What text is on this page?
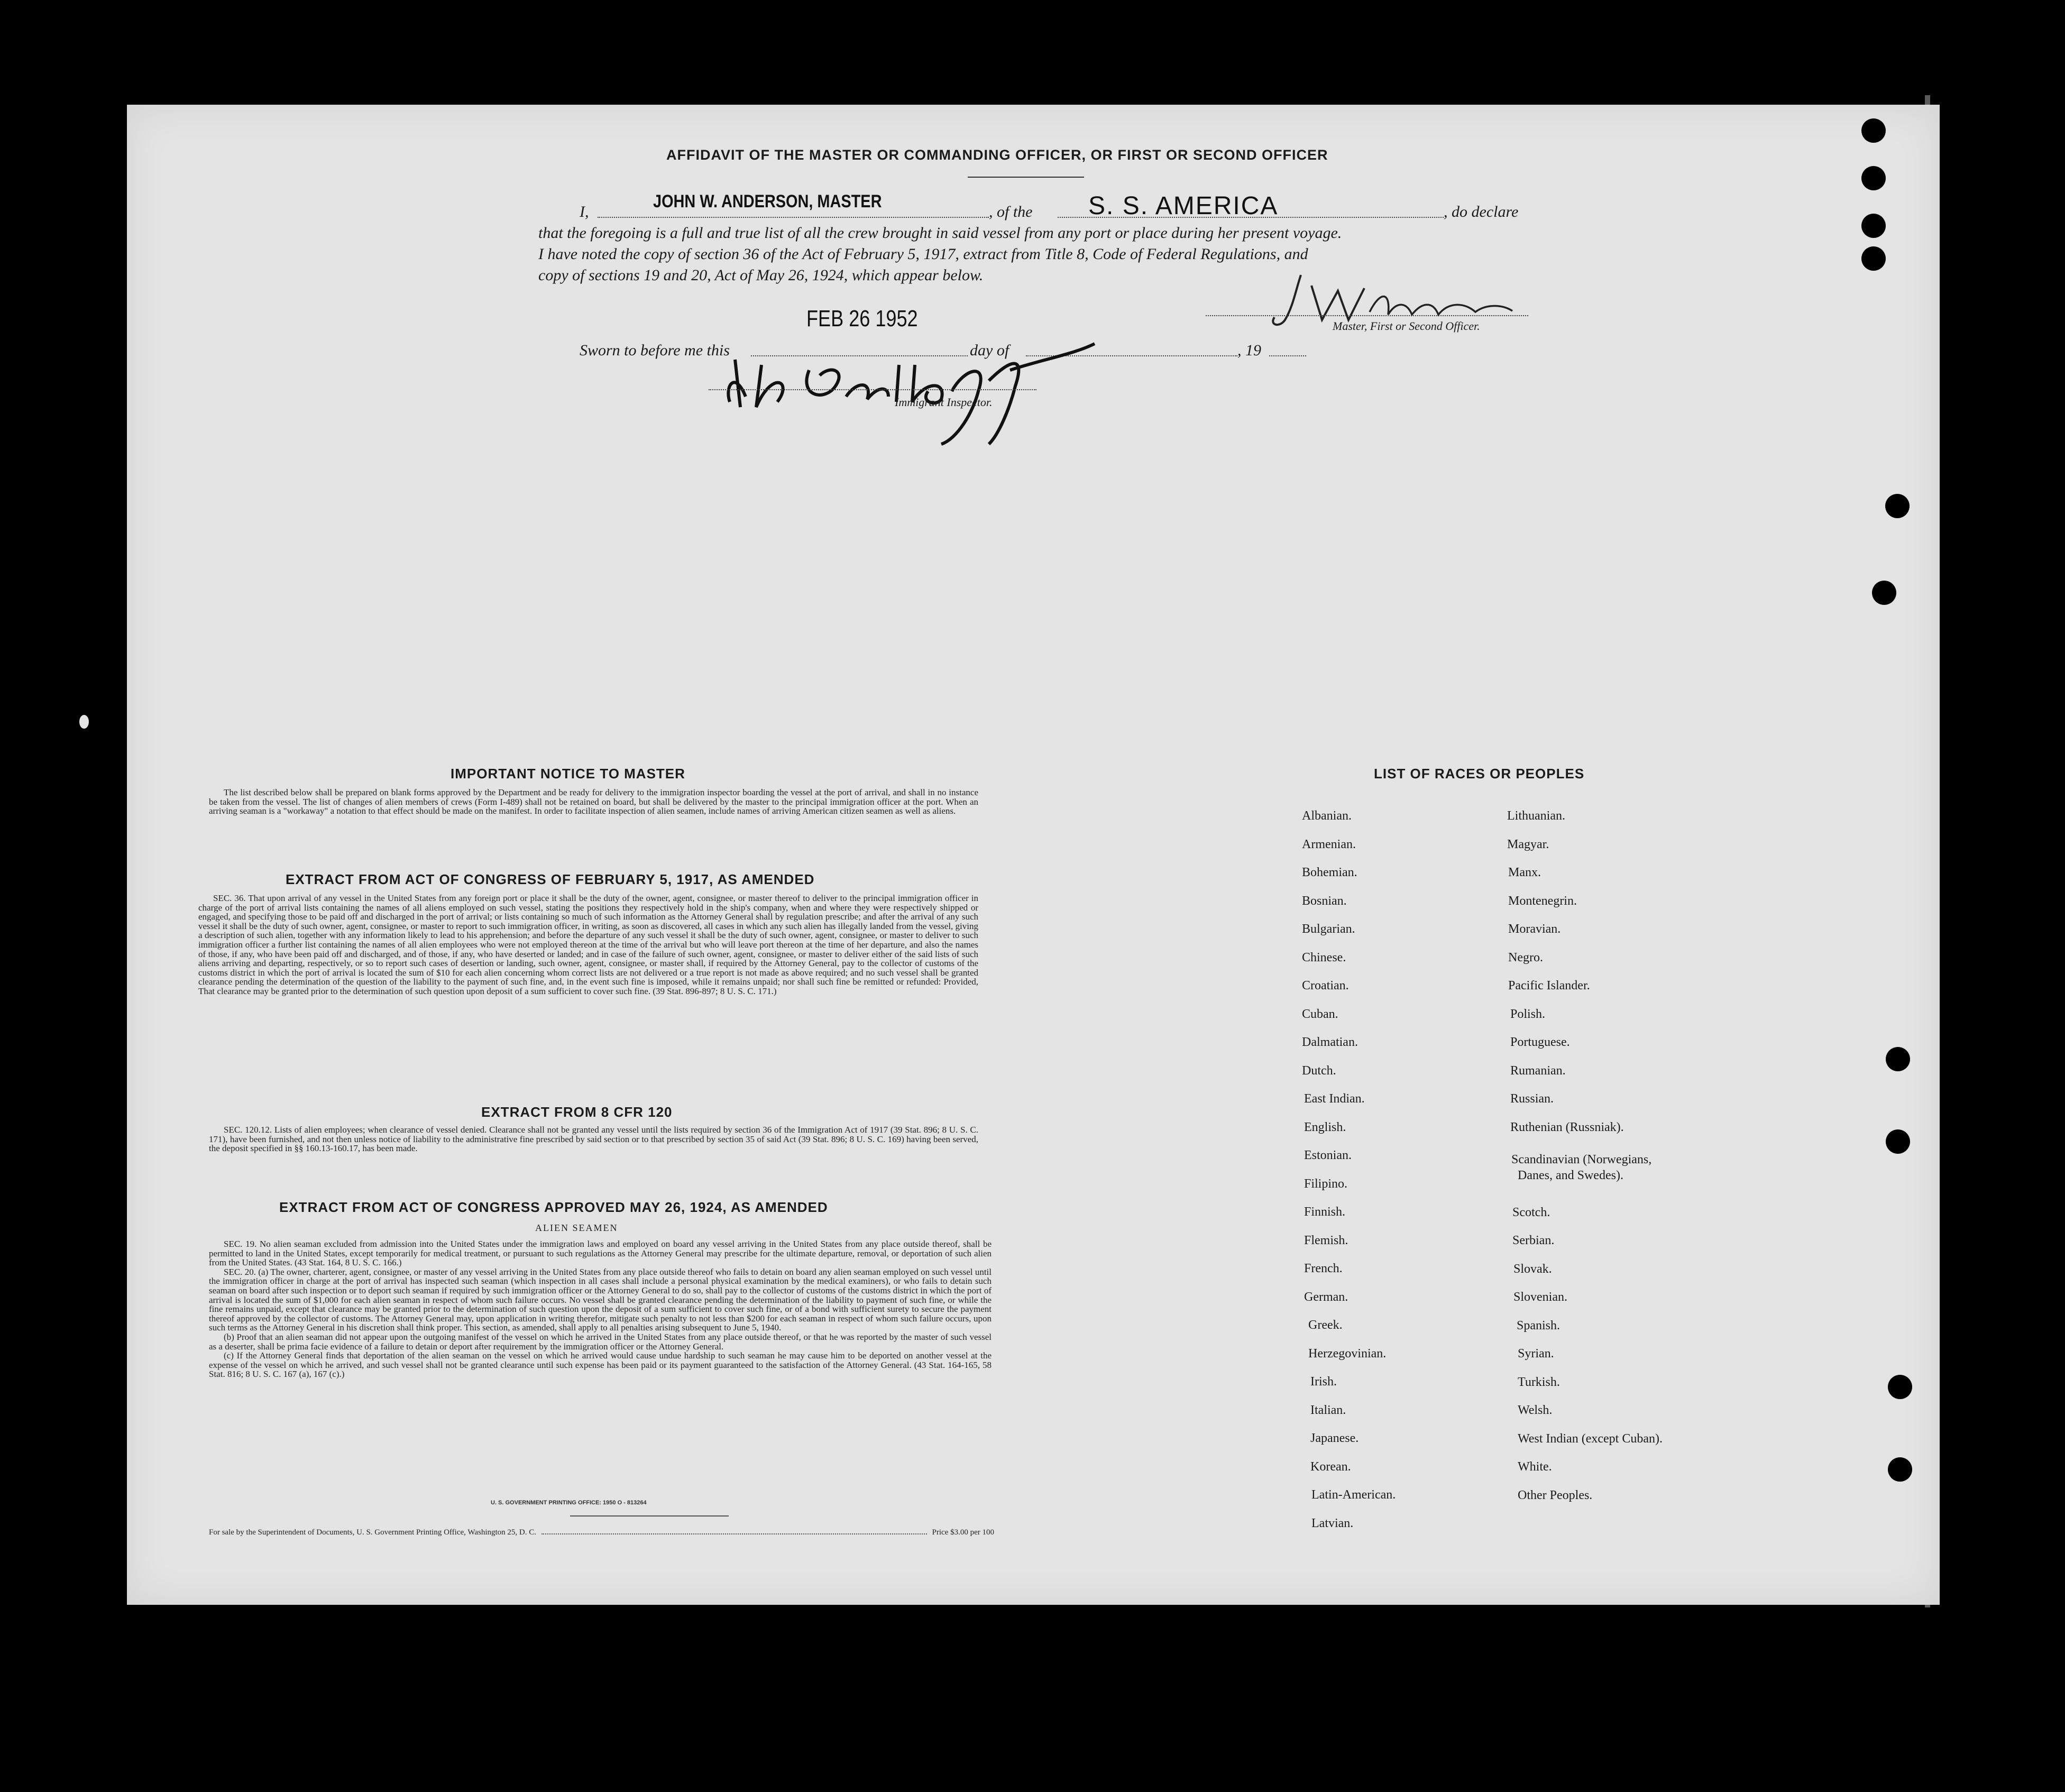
AFFIDAVIT OF THE MASTER OR COMMANDING OFFICER, OR FIRST OR SECOND OFFICER
I,
JOHN W. ANDERSON, MASTER
, of the S. S. AMERICA	, do declare
that the foregoing is a full and true list of all the crew brought in said vessel from any port or place during her present voyage.
I have noted the copy of section 36 of the Act of February 5, 1917, extract from Title 8, Code of Federal Regulations, and
copy of sections 19 and 20, Act of May 26, 1924, which appear below.
FEB 26 1952	Master, First or Second Officer.
Sworn to before me this	day of	, 19
Immigrant Inspector.
IMPORTANT NOTICE TO MASTER

The list described below shall be prepared on blank forms approved by the Department and be ready for delivery to the immigration inspector boarding the vessel at the port of arrival, and shall in no instance be taken from the vessel. The list of changes of alien members of crews (Form I-489) shall not be retained on board, but shall be delivered by the master to the principal immigration officer at the port. When an arriving seaman is a "workaway" a notation to that effect should be made on the manifest. In order to facilitate inspection of alien seamen, include names of arriving American citizen seamen as well as aliens.

EXTRACT FROM ACT OF CONGRESS OF FEBRUARY 5, 1917, AS AMENDED

SEC. 36. That upon arrival of any vessel in the United States from any foreign port or place it shall be the duty of the owner, agent, consignee, or master thereof to deliver to the principal immigration officer in charge of the port of arrival lists containing the names of all aliens employed on such vessel, stating the positions they respectively hold in the ship's company, when and where they were respectively shipped or engaged, and specifying those to be paid off and discharged in the port of arrival; or lists containing so much of such information as the Attorney General shall by regulation prescribe; and after the arrival of any such vessel it shall be the duty of such owner, agent, consignee, or master to report to such immigration officer, in writing, as soon as discovered, all cases in which any such alien has illegally landed from the vessel, giving a description of such alien, together with any information likely to lead to his apprehension; and before the departure of any such vessel it shall be the duty of such owner, agent, consignee, or master to deliver to such immigration officer a further list containing the names of all alien employees who were not employed thereon at the time of the arrival but who will leave port thereon at the time of her departure, and also the names of those, if any, who have been paid off and discharged, and of those, if any, who have deserted or landed; and in case of the failure of such owner, agent, consignee, or master to deliver either of the said lists of such aliens arriving and departing, respectively, or so to report such cases of desertion or landing, such owner, agent, consignee, or master shall, if required by the Attorney General, pay to the collector of customs of the customs district in which the port of arrival is located the sum of $10 for each alien concerning whom correct lists are not delivered or a true report is not made as above required; and no such vessel shall be granted clearance pending the determination of the question of the liability to the payment of such fine, and, in the event such fine is imposed, while it remains unpaid; nor shall such fine be remitted or refunded: Provided, That clearance may be granted prior to the determination of such question upon deposit of a sum sufficient to cover such fine. (39 Stat. 896-897; 8 U. S. C. 171.)

EXTRACT FROM 8 CFR 120

SEC. 120.12. Lists of alien employees; when clearance of vessel denied. Clearance shall not be granted any vessel until the lists required by section 36 of the Immigration Act of 1917 (39 Stat. 896; 8 U. S. C. 171), have been furnished, and not then unless notice of liability to the administrative fine prescribed by said section or to that prescribed by section 35 of said Act (39 Stat. 896; 8 U. S. C. 169) having been served, the deposit specified in §§ 160.13-160.17, has been made.

EXTRACT FROM ACT OF CONGRESS APPROVED MAY 26, 1924, AS AMENDED
ALIEN SEAMEN

SEC. 19. No alien seaman excluded from admission into the United States under the immigration laws and employed on board any vessel arriving in the United States from any place outside thereof, shall be permitted to land in the United States, except temporarily for medical treatment, or pursuant to such regulations as the Attorney General may prescribe for the ultimate departure, removal, or deportation of such alien from the United States. (43 Stat. 164, 8 U. S. C. 166.)

SEC. 20. (a) The owner, charterer, agent, consignee, or master of any vessel arriving in the United States from any place outside thereof who fails to detain on board any alien seaman employed on such vessel until the immigration officer in charge at the port of arrival has inspected such seaman (which inspection in all cases shall include a personal physical examination by the medical examiners), or who fails to detain such seaman on board after such inspection or to deport such seaman if required by such immigration officer or the Attorney General to do so, shall pay to the collector of customs of the customs district in which the port of arrival is located the sum of $1,000 for each alien seaman in respect of whom such failure occurs. No vessel shall be granted clearance pending the determination of the liability to payment of such fine, or while the fine remains unpaid, except that clearance may be granted prior to the determination of such question upon the deposit of a sum sufficient to cover such fine, or of a bond with sufficient surety to secure the payment thereof approved by the collector of customs. The Attorney General may, upon application in writing therefor, mitigate such penalty to not less than $200 for each seaman in respect of whom such failure occurs, upon such terms as the Attorney General in his discretion shall think proper. This section, as amended, shall apply to all penalties arising subsequent to June 5, 1940.

(b) Proof that an alien seaman did not appear upon the outgoing manifest of the vessel on which he arrived in the United States from any place outside thereof, or that he was reported by the master of such vessel as a deserter, shall be prima facie evidence of a failure to detain or deport after requirement by the immigration officer or the Attorney General.

(c) If the Attorney General finds that deportation of the alien seaman on the vessel on which he arrived would cause undue hardship to such seaman he may cause him to be deported on another vessel at the expense of the vessel on which he arrived, and such vessel shall not be granted clearance until such expense has been paid or its payment guaranteed to the satisfaction of the Attorney General. (43 Stat. 164-165, 58 Stat. 816; 8 U. S. C. 167 (a), 167 (c).)

U. S. GOVERNMENT PRINTING OFFICE: 1950 O - 813264
For sale by the Superintendent of Documents, U. S. Government Printing Office, Washington 25, D. C.	Price $3.00 per 100
LIST OF RACES OR PEOPLES
Albanian.
Armenian.
Bohemian.
Bosnian.
Bulgarian.
Chinese.
Croatian.
Cuban.
Dalmatian.
Dutch.
East Indian.
English.
Estonian.
Filipino.
Finnish.
Flemish.
French.
German.
Greek.
Herzegovinian.
Irish.
Italian.
Japanese.
Korean.
Latin-American.
Latvian.
Lithuanian.
Magyar.
Manx.
Montenegrin.
Moravian.
Negro.
Pacific Islander.
Polish.
Portuguese.
Rumanian.
Russian.
Ruthenian (Russniak).
Scandinavian (Norwegians,
Danes, and Swedes).
Scotch.
Serbian.
Slovak.
Slovenian.
Spanish.
Syrian.
Turkish.
Welsh.
West Indian (except Cuban).
White.
Other Peoples.
